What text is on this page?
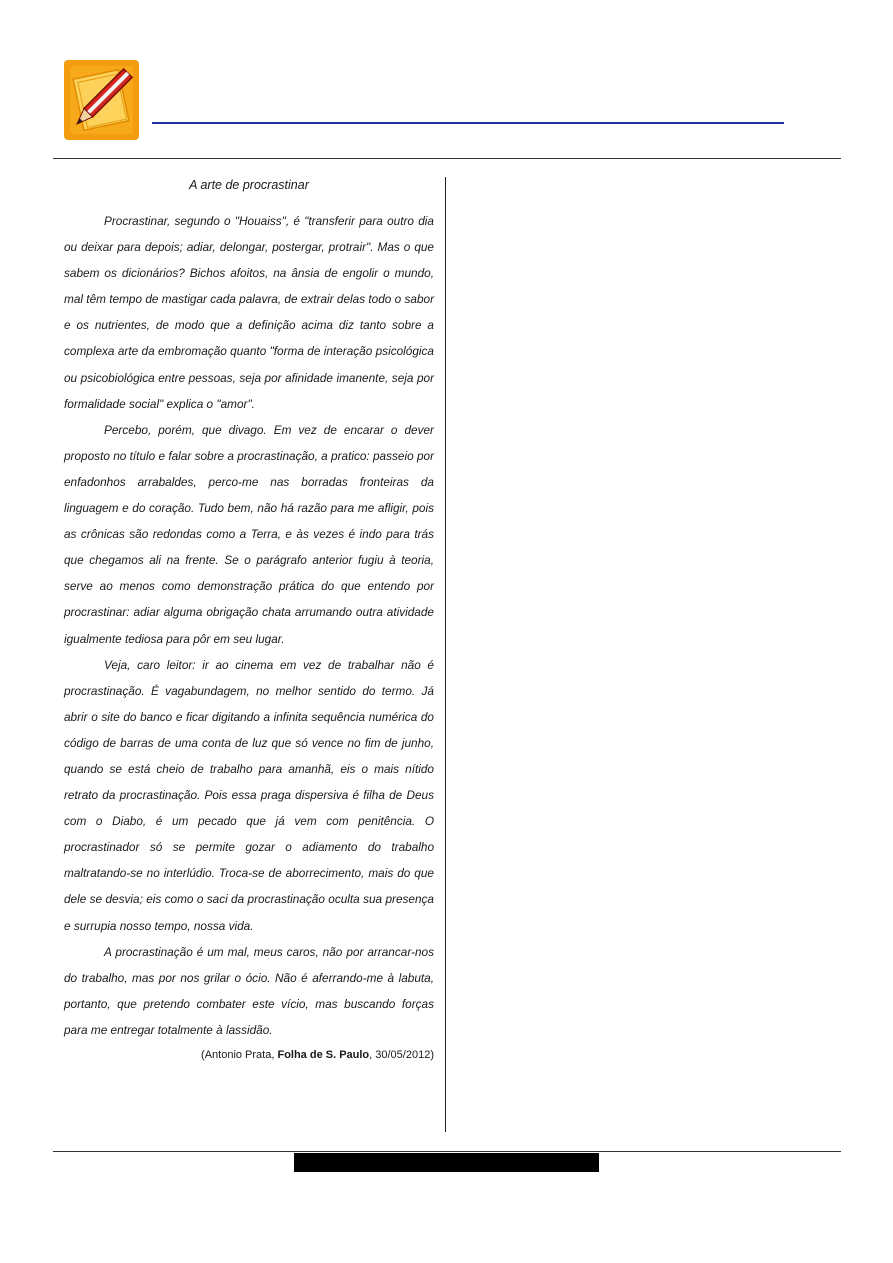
A arte de procrastinar

Procrastinar, segundo o "Houaiss", é "transferir para outro dia ou deixar para depois; adiar, delongar, postergar, protrair". Mas o que sabem os dicionários? Bichos afoitos, na ânsia de engolir o mundo, mal têm tempo de mastigar cada palavra, de extrair delas todo o sabor e os nutrientes, de modo que a definição acima diz tanto sobre a complexa arte da embromação quanto "forma de interação psicológica ou psicobiológica entre pessoas, seja por afinidade imanente, seja por formalidade social" explica o "amor".

Percebo, porém, que divago. Em vez de encarar o dever proposto no título e falar sobre a procrastinação, a pratico: passeio por enfadonhos arrabaldes, perco-me nas borradas fronteiras da linguagem e do coração. Tudo bem, não há razão para me afligir, pois as crônicas são redondas como a Terra, e às vezes é indo para trás que chegamos ali na frente. Se o parágrafo anterior fugiu à teoria, serve ao menos como demonstração prática do que entendo por procrastinar: adiar alguma obrigação chata arrumando outra atividade igualmente tediosa para pôr em seu lugar.

Veja, caro leitor: ir ao cinema em vez de trabalhar não é procrastinação. É vagabundagem, no melhor sentido do termo. Já abrir o site do banco e ficar digitando a infinita sequência numérica do código de barras de uma conta de luz que só vence no fim de junho, quando se está cheio de trabalho para amanhã, eis o mais nítido retrato da procrastinação. Pois essa praga dispersiva é filha de Deus com o Diabo, é um pecado que já vem com penitência. O procrastinador só se permite gozar o adiamento do trabalho maltratando-se no interlúdio. Troca-se de aborrecimento, mais do que dele se desvia; eis como o saci da procrastinação oculta sua presença e surrupia nosso tempo, nossa vida.

A procrastinação é um mal, meus caros, não por arrancar-nos do trabalho, mas por nos grilar o ócio. Não é aferrando-me à labuta, portanto, que pretendo combater este vício, mas buscando forças para me entregar totalmente à lassidão.

(Antonio Prata, Folha de S. Paulo, 30/05/2012)
